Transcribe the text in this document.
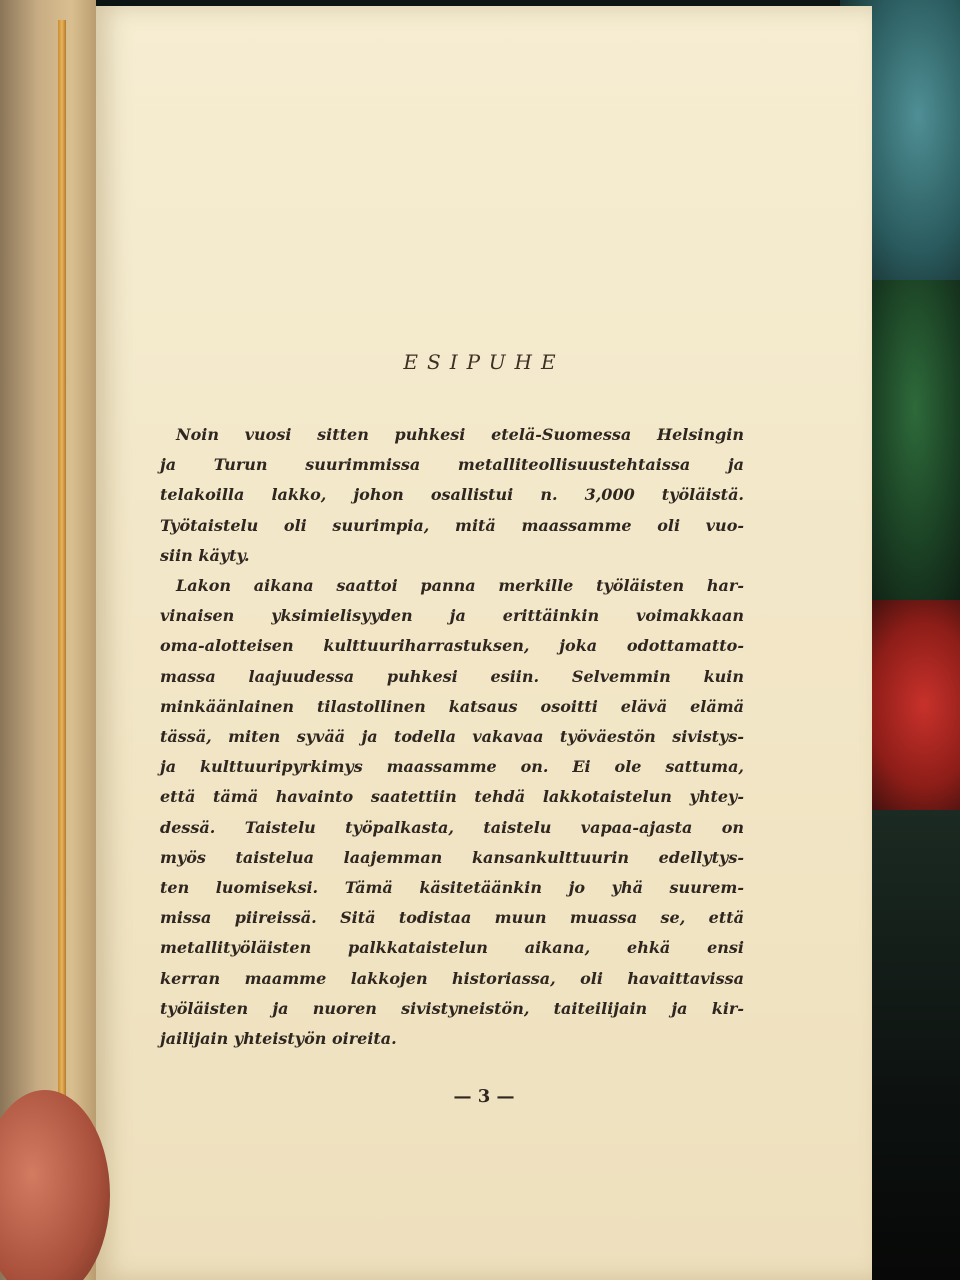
ESIPUHE
Noin vuosi sitten puhkesi etelä-Suomessa Helsingin
ja Turun suurimmissa metalliteollisuustehtaissa ja
telakoilla lakko, johon osallistui n. 3,000 työläistä.
Työtaistelu oli suurimpia, mitä maassamme oli vuo-
siin käyty.
Lakon aikana saattoi panna merkille työläisten har-
vinaisen yksimielisyyden ja erittäinkin voimakkaan
oma-alotteisen kulttuuriharrastuksen, joka odottamatto-
massa laajuudessa puhkesi esiin. Selvemmin kuin
minkäänlainen tilastollinen katsaus osoitti elävä elämä
tässä, miten syvää ja todella vakavaa työväestön sivistys-
ja kulttuuripyrkimys maassamme on. Ei ole sattuma,
että tämä havainto saatettiin tehdä lakkotaistelun yhtey-
dessä. Taistelu työpalkasta, taistelu vapaa-ajasta on
myös taistelua laajemman kansankulttuurin edellytys-
ten luomiseksi. Tämä käsitetäänkin jo yhä suurem-
missa piireissä. Sitä todistaa muun muassa se, että
metallityöläisten palkkataistelun aikana, ehkä ensi
kerran maamme lakkojen historiassa, oli havaittavissa
työläisten ja nuoren sivistyneistön, taiteilijain ja kir-
jailijain yhteistyön oireita.
— 3 —
